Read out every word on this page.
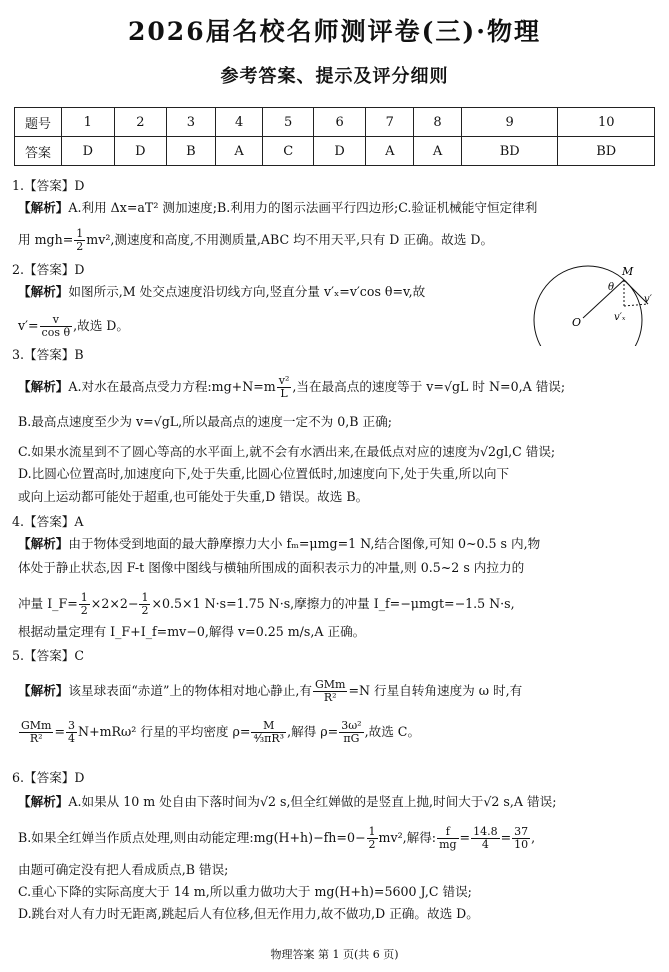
2026届名校名师测评卷(三)·物理
参考答案、提示及评分细则
题号	1	2	3	4	5	6	7	8	9	10
答案	D	D	B	A	C	D	A	A	BD	BD
1.【答案】D
【解析】A.利用 Δx=aT² 测加速度;B.利用力的图示法画平行四边形;C.验证机械能守恒定律利
用 $mgh= \frac{1}{2} mv^2$,测速度和高度,不用测质量,ABC 均不用天平,只有 D 正确。故选 D。
2.【答案】D
【解析】如图所示,M 处交点速度沿切线方向,竖直分量 v′ₓ=v′cos θ=v,故
$v'= \frac{v}{\text{cos θ}}$ ,故选 D。
M
θ
O
v′
v′ₓ
3.【答案】B
【解析】A.对水在最高点受力方程:mg+N=m $\frac{\text{v²}}{L}$ ,当在最高点的速度等于 v=√gL 时 N=0,A 错误;
B.最高点速度至少为 v=√gL,所以最高点的速度一定不为 0,B 正确;
C.如果水流星到不了圆心等高的水平面上,就不会有水洒出来,在最低点对应的速度为√2gl,C 错误;
D.比圆心位置高时,加速度向下,处于失重,比圆心位置低时,加速度向下,处于失重,所以向下
或向上运动都可能处于超重,也可能处于失重,D 错误。故选 B。
4.【答案】A
【解析】由于物体受到地面的最大静摩擦力大小 fₘ=μmg=1 N,结合图像,可知 0~0.5 s 内,物
体处于静止状态,因 F-t 图像中图线与横轴所围成的面积表示力的冲量,则 0.5~2 s 内拉力的
冲量 I_F= $\frac{1}{2} \times 2\times 2- \frac{1}{2} \times 0.5\times 1$ N·s=1.75 N·s,摩擦力的冲量 I_f=−μmgt=−1.5 N·s,
根据动量定理有 I_F+I_f=mv−0,解得 v=0.25 m/s,A 正确。
5.【答案】C
【解析】该星球表面“赤道”上的物体相对地心静止,有 $\frac{\text{GMm}}{\text{R²}} =N$ 行星自转角速度为 ω 时,有
$\frac{\text{GMm}}{\text{R²}} = \frac{3}{4} N+mR\omega^2$ 行星的平均密度 $\rho= \frac{M}{\text{⁴⁄₃πR³}}$ ,解得 $\rho= \frac{\text{3ω²}}{\pi G}$ ,故选 C。
6.【答案】D
【解析】A.如果从 10 m 处自由下落时间为√2 s,但全红婵做的是竖直上抛,时间大于√2 s,A 错误;
B.如果全红婵当作质点处理,则由动能定理:mg(H+h)−fh=0− $\frac{1}{2} mv^2$,解得: $\frac{f}{mg} = \frac{14.8}{4} = \frac{37}{10}$ ,
由题可确定没有把人看成质点,B 错误;
C.重心下降的实际高度大于 14 m,所以重力做功大于 mg(H+h)=5600 J,C 错误;
D.跳台对人有力时无距离,跳起后人有位移,但无作用力,故不做功,D 正确。故选 D。
物理答案 第 1 页(共 6 页)
